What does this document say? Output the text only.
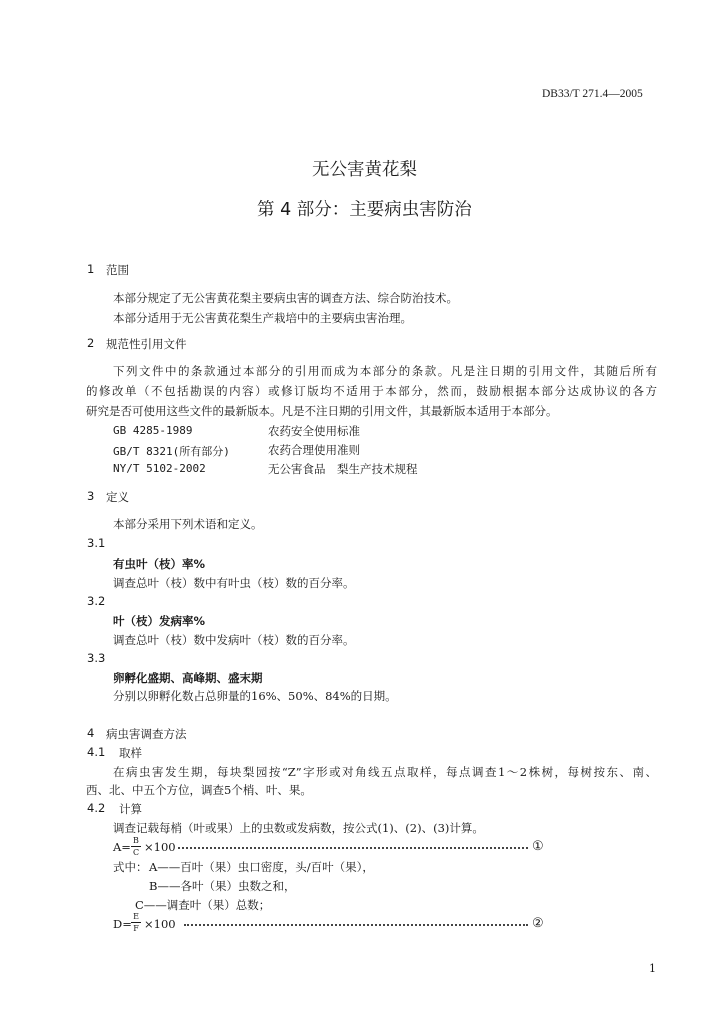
DB33/T 271.4—2005
无公害黄花梨
第 4 部分：主要病虫害防治
1 范围
本部分规定了无公害黄花梨主要病虫害的调查方法、综合防治技术。
本部分适用于无公害黄花梨生产栽培中的主要病虫害治理。
2 规范性引用文件
下列文件中的条款通过本部分的引用而成为本部分的条款。凡是注日期的引用文件，其随后所有
的修改单（不包括勘误的内容）或修订版均不适用于本部分，然而，鼓励根据本部分达成协议的各方
研究是否可使用这些文件的最新版本。凡是不注日期的引用文件，其最新版本适用于本部分。
GB 4285-1989	农药安全使用标准
GB/T 8321(所有部分)	农药合理使用准则
NY/T 5102-2002	无公害食品　梨生产技术规程
3 定义
本部分采用下列术语和定义。
3.1
有虫叶（枝）率%
调查总叶（枝）数中有叶虫（枝）数的百分率。
3.2
叶（枝）发病率%
调查总叶（枝）数中发病叶（枝）数的百分率。
3.3
卵孵化盛期、高峰期、盛末期
分别以卵孵化数占总卵量的16%、50%、84%的日期。
4 病虫害调查方法
4.1 取样
在病虫害发生期，每块梨园按“Z”字形或对角线五点取样，每点调查1～2株树，每树按东、南、
西、北、中五个方位，调查5个梢、叶、果。
4.2 计算
调查记载每梢（叶或果）上的虫数或发病数，按公式(1)、(2)、(3)计算。
A= B
C ×100	①
式中： A——百叶（果）虫口密度，头/百叶（果），
B——各叶（果）虫数之和，
C——调查叶（果）总数；
D=
E
F ×100	②
1
